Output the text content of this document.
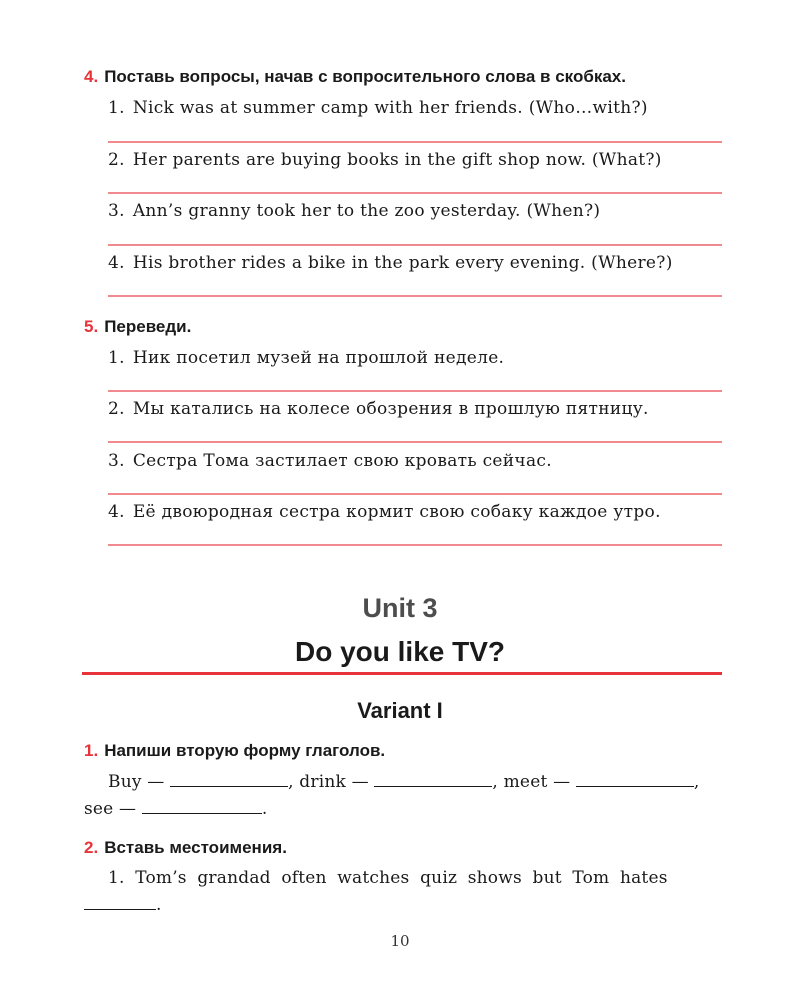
4. Поставь вопросы, начав с вопросительного слова в скобках.
1. Nick was at summer camp with her friends. (Who…with?)
2. Her parents are buying books in the gift shop now. (What?)
3. Ann’s granny took her to the zoo yesterday. (When?)
4. His brother rides a bike in the park every evening. (Where?)
5. Переведи.
1. Ник посетил музей на прошлой неделе.
2. Мы катались на колесе обозрения в прошлую пятницу.
3. Сестра Тома застилает свою кровать сейчас.
4. Её двоюродная сестра кормит свою собаку каждое утро.
Unit 3
Do you like TV?
Variant I
1. Напиши вторую форму глаголов.
Buy —	, drink —	, meet —	,
see —	.
2. Вставь местоимения.
1. Tom’s grandad often watches quiz shows but Tom hates
.
10
